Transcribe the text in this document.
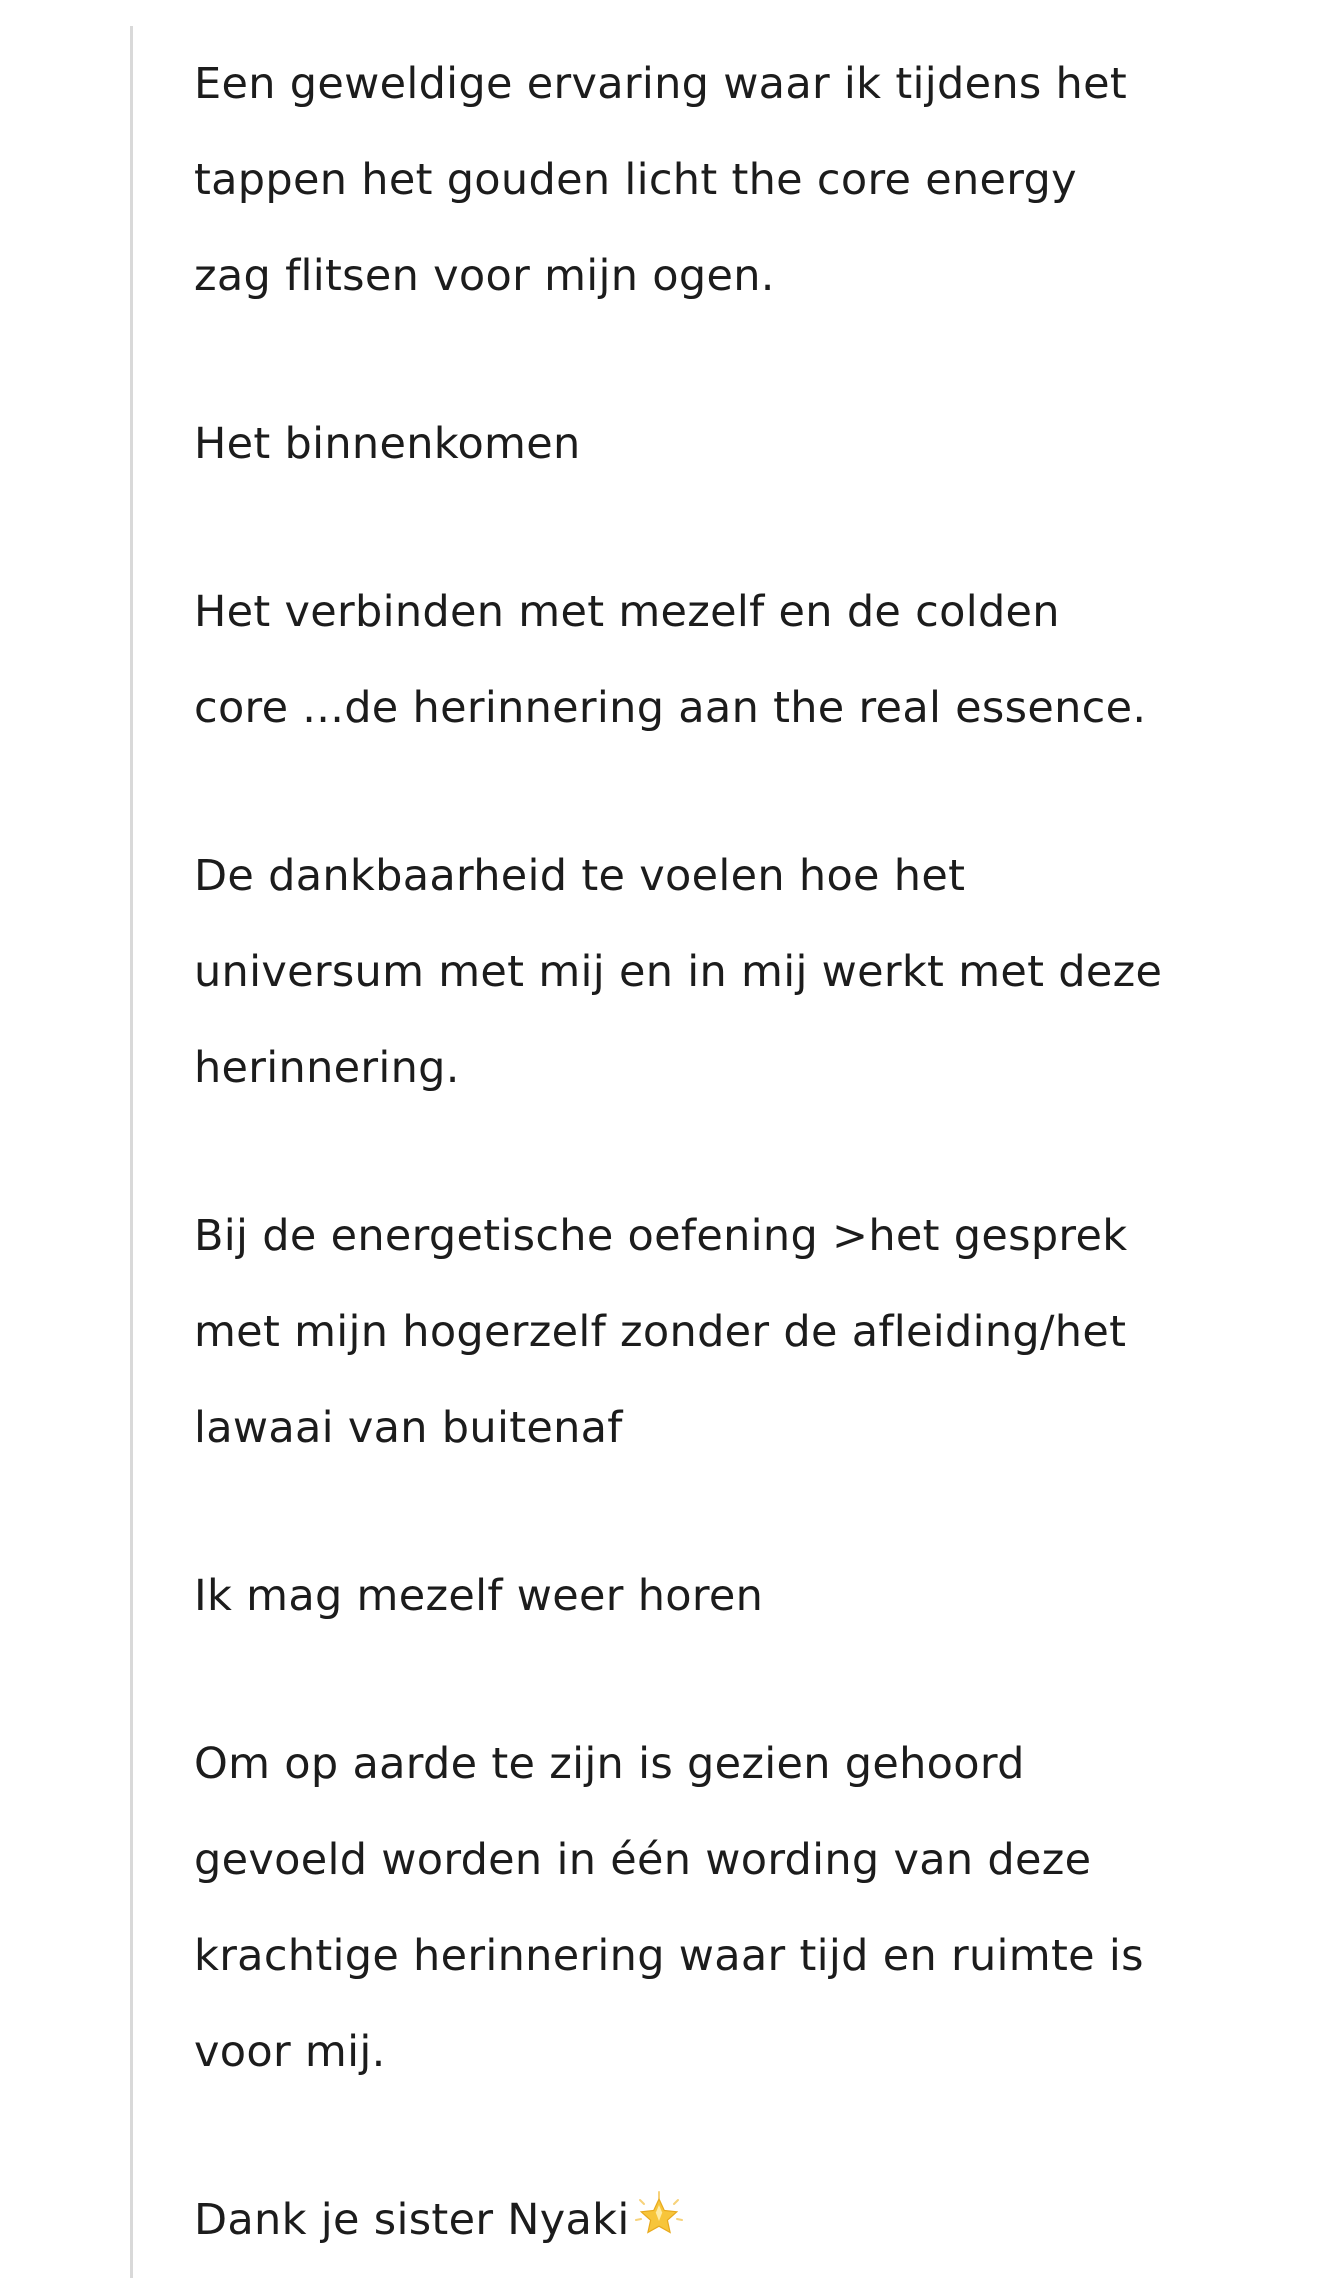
Een geweldige ervaring waar ik tijdens het
tappen het gouden licht the core energy
zag flitsen voor mijn ogen.

Het binnenkomen

Het verbinden met mezelf en de colden
core ...de herinnering aan the real essence.

De dankbaarheid te voelen hoe het
universum met mij en in mij werkt met deze
herinnering.

Bij de energetische oefening >het gesprek
met mijn hogerzelf zonder de afleiding/het
lawaai van buitenaf

Ik mag mezelf weer horen

Om op aarde te zijn is gezien gehoord
gevoeld worden in één wording van deze
krachtige herinnering waar tijd en ruimte is
voor mij.

Dank je sister Nyaki
